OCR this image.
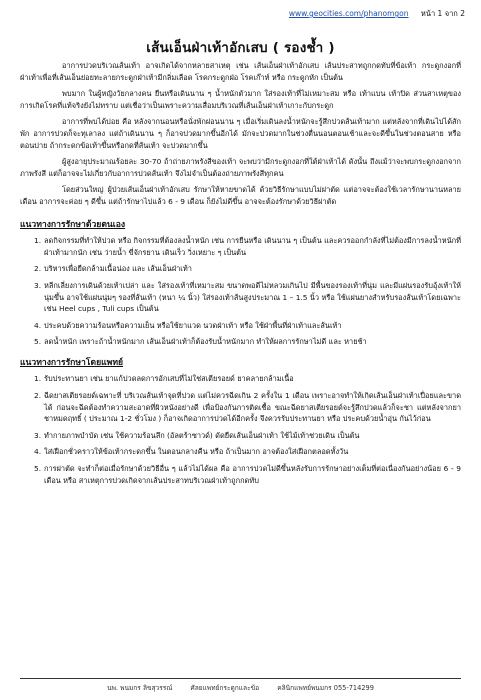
www.geocities.com/phanomgon หน้า 1 จาก 2
เส้นเอ็นฝ่าเท้าอักเสบ ( รองช้ำ )

อาการปวดบริเวณส้นเท้า อาจเกิดได้จากหลายสาเหตุ เช่น เส้นเอ็นฝ่าเท้าอักเสบ เส้นประสาทถูกกดทับที่ข้อเท้า กระดูกงอกที่ฝ่าเท้าเพื่อที่เส้นเอ็นย่อยทะลายกระดูกฝ่าเท้ามีกลิ่มเลือด โรคกระดูกฝ่อ โรคเก๊าท์ หรือ กระดูกหัก เป็นต้น

พบมาก ในผู้หญิงวัยกลางคน ยืนหรือเดินนาน ๆ น้ำหนักตัวมาก ใส่รองเท้าที่ไม่เหมาะสม หรือ เท้าแบน เท้าปิด ส่วนสาเหตุของการเกิดโรคที่แท้จริงยังไม่ทราบ แต่เชื่อว่าเป็นเพราะความเสื่อมบริเวณที่เส้นเอ็นฝ่าเท้าเกาะกับกระดูก

อาการที่พบได้บ่อย คือ หลังจากนอนหรือนั่งพักผ่อนนาน ๆ เมื่อเริ่มเดินลงน้ำหนักจะรู้สึกปวดส้นเท้ามาก แต่หลังจากที่เดินไปได้สักพัก อาการปวดก็จะทุเลาลง แต่ถ้าเดินนาน ๆ ก็อาจปวดมากขึ้นอีกได้ มักจะปวดมากในช่วงตื่นนอนตอนเช้าและจะดีขึ้นในช่วงตอนสาย หรือ ตอนบ่าย ถ้ากระดกข้อเท้าขึ้นหรือกดที่ส้นเท้า จะปวดมากขึ้น

ผู้สูงอายุประมาณร้อยละ 30-70 ถ้าถ่ายภาพรังสีของเท้า จะพบว่ามีกระดูกงอกที่ใต้ฝ่าเท้าได้ ดังนั้น ถึงแม้ว่าจะพบกระดูกงอกจากภาพรังสี แต่ก็อาจจะไม่เกี่ยวกับอาการปวดส้นเท้า จึงไม่จำเป็นต้องถ่ายภาพรังสีทุกคน

โดยส่วนใหญ่ ผู้ป่วยเส้นเอ็นฝ่าเท้าอักเสบ รักษาให้หายขาดได้ ด้วยวิธีรักษาแบบไม่ผ่าตัด แต่อาจจะต้องใช้เวลารักษานานหลายเดือน อาการจะค่อย ๆ ดีขึ้น แต่ถ้ารักษาไปแล้ว 6 - 9 เดือน ก็ยังไม่ดีขึ้น อาจจะต้องรักษาด้วยวิธีผ่าตัด

แนวทางการรักษาด้วยตนเอง
1. ลดกิจกรรมที่ทำให้ปวด หรือ กิจกรรมที่ต้องลงน้ำหนัก เช่น การยืนหรือ เดินนาน ๆ เป็นต้น และควรออกกำลังที่ไม่ต้องมีการลงน้ำหนักที่ฝ่าเท้ามากนัก เช่น ว่ายน้ำ ขี่จักรยาน เดินเร็ว วิ่งเหยาะ ๆ เป็นต้น
2. บริหารเพื่อยืดกล้ามเนื้อน่อง และ เส้นเอ็นฝ่าเท้า
3. หลีกเลี่ยงการเดินด้วยเท้าเปล่า และ ใส่รองเท้าที่เหมาะสม ขนาดพอดีไม่หลวมเกินไป มีพื้นของรองเท้าที่นุ่ม และมีแผ่นรองรับอุ้งเท้าให้นุ่มขึ้น อาจใช้แผ่นนุ่มๆ รองที่ส้นเท้า (หนา ¼ นิ้ว) ใส่รองเท้าส้นสูงประมาณ 1 – 1.5 นิ้ว หรือ ใช้แผ่นยางสำหรับรองส้นเท้าโดยเฉพาะ เช่น Heel cups , Tuli cups เป็นต้น
4. ประคบด้วยความร้อนหรือความเย็น หรือใช้ยาแวด นวดฝ่าเท้า หรือ ใช้ฝ่าพื้นที่ฝ่าเท้าและส้นเท้า
5. ลดน้ำหนัก เพราะถ้าน้ำหนักมาก เส้นเอ็นฝ่าเท้าก็ต้องรับน้ำหนักมาก ทำให้ผลการรักษาไม่ดี และ หายช้า
แนวทางการรักษาโดยแพทย์
1. รับประทานยา เช่น ยาแก้ปวดลดการอักเสบที่ไม่ใช่สเตียรอยด์ ยาคลายกล้ามเนื้อ
2. ฉีดยาสเตียรอยด์เฉพาะที่ บริเวณส้นเท้าจุดที่ปวด แต่ไม่ควรฉีดเกิน 2 ครั้งใน 1 เดือน เพราะอาจทำให้เกิดเส้นเอ็นฝ่าเท้าเปื่อยและขาดได้ ก่อนจะฉีดต้องทำความสะอาดที่ผิวหนังอย่างดี เพื่อป้องกันการติดเชื้อ ขณะฉีดยาสเตียรอยด์จะรู้สึกปวดแล้วก็จะชา แต่หลังจากยาชาหมดฤทธิ์ ( ประมาณ 1-2 ชั่วโมง ) ก็อาจเกิดอาการปวดได้อีกครั้ง จึงควรรับประทานยา หรือ ประคบด้วยน้ำอุ่น กันไว้ก่อน
3. ทำกายภาพบำบัด เช่น ใช้ความร้อนลึก (อัลตร้าซาวด์) ดัดยืดเส้นเอ็นฝ่าเท้า ใช้ไม้เท้าช่วยเดิน เป็นต้น
4. ใส่เฝือกชั่วคราวให้ข้อเท้ากระดกขึ้น ในตอนกลางคืน หรือ ถ้าเป็นมาก อาจต้องใส่เฝือกตลอดทั้งวัน
5. การผ่าตัด จะทำก็ต่อเมื่อรักษาด้วยวิธีอื่น ๆ แล้วไม่ได้ผล คือ อาการปวดไม่ดีขึ้นหลังรับการรักษาอย่างเต็มที่ต่อเนื่องกันอย่างน้อย 6 - 9 เดือน หรือ สาเหตุการปวดเกิดจากเส้นประสาทบริเวณฝ่าเท้าถูกกดทับ
นพ. พนมกร ลิขสุวรรณ์	ศัลยแพทย์กระดูกและข้อ	คลินิกแพทย์พนมกร 055-714299
